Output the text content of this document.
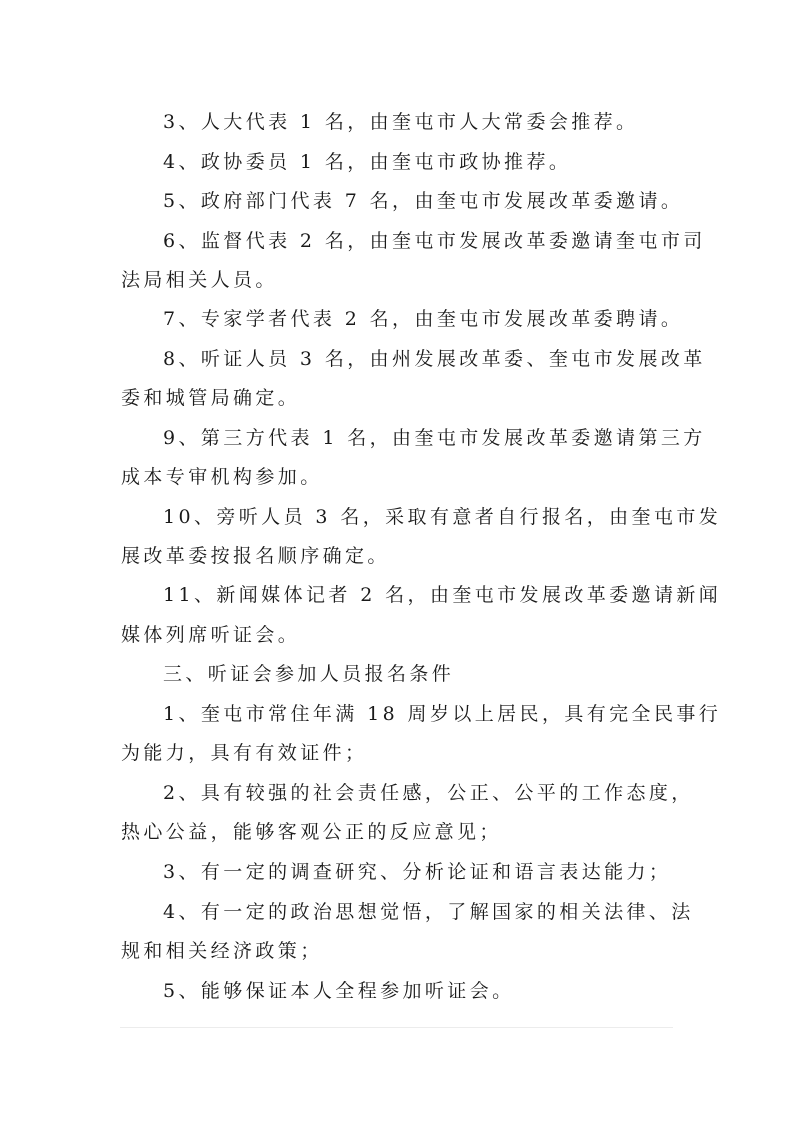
3、人大代表 1 名，由奎屯市人大常委会推荐。
4、政协委员 1 名，由奎屯市政协推荐。
5、政府部门代表 7 名，由奎屯市发展改革委邀请。
6、监督代表 2 名，由奎屯市发展改革委邀请奎屯市司
法局相关人员。
7、专家学者代表 2 名，由奎屯市发展改革委聘请。
8、听证人员 3 名，由州发展改革委、奎屯市发展改革
委和城管局确定。
9、第三方代表 1 名，由奎屯市发展改革委邀请第三方
成本专审机构参加。
10、旁听人员 3 名，采取有意者自行报名，由奎屯市发
展改革委按报名顺序确定。
11、新闻媒体记者 2 名，由奎屯市发展改革委邀请新闻
媒体列席听证会。
三、听证会参加人员报名条件
1、奎屯市常住年满 18 周岁以上居民，具有完全民事行
为能力，具有有效证件；
2、具有较强的社会责任感，公正、公平的工作态度，
热心公益，能够客观公正的反应意见；
3、有一定的调查研究、分析论证和语言表达能力；
4、有一定的政治思想觉悟，了解国家的相关法律、法
规和相关经济政策；
5、能够保证本人全程参加听证会。
